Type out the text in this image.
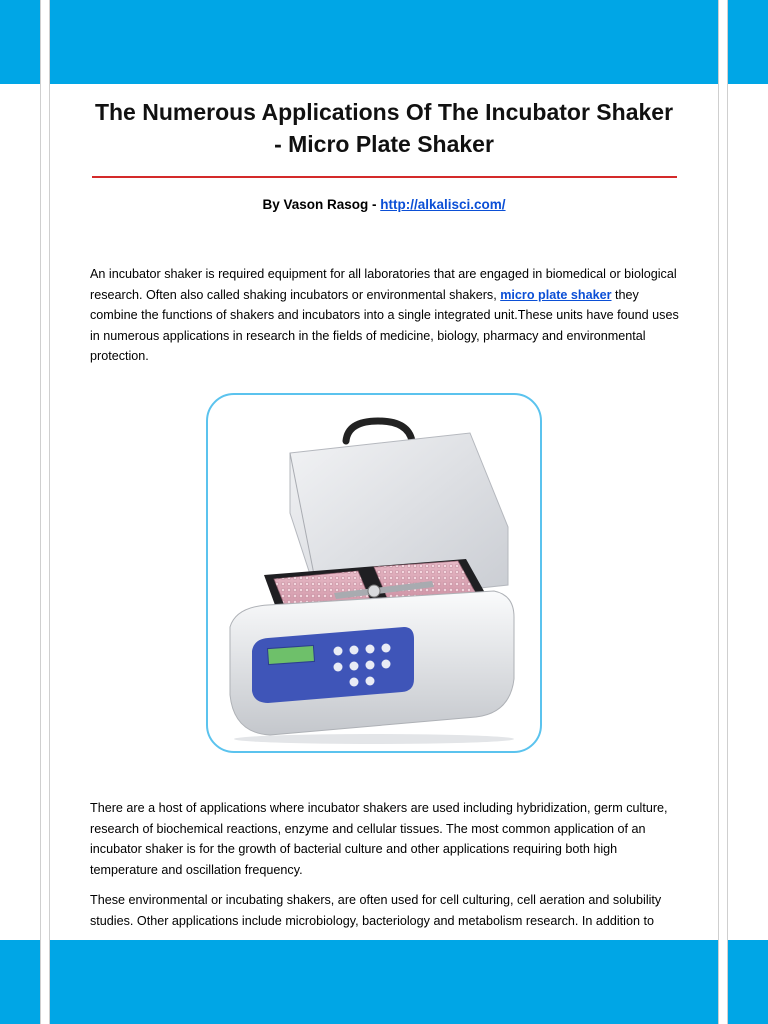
The Numerous Applications Of The Incubator Shaker - Micro Plate Shaker
By Vason Rasog - http://alkalisci.com/

An incubator shaker is required equipment for all laboratories that are engaged in biomedical or biological research. Often also called shaking incubators or environmental shakers, micro plate shaker they combine the functions of shakers and incubators into a single integrated unit.These units have found uses in numerous applications in research in the fields of medicine, biology, pharmacy and environmental protection.

There are a host of applications where incubator shakers are used including hybridization, germ culture, research of biochemical reactions, enzyme and cellular tissues. The most common application of an incubator shaker is for the growth of bacterial culture and other applications requiring both high temperature and oscillation frequency.

These environmental or incubating shakers, are often used for cell culturing, cell aeration and solubility studies. Other applications include microbiology, bacteriology and metabolism research. In addition to
